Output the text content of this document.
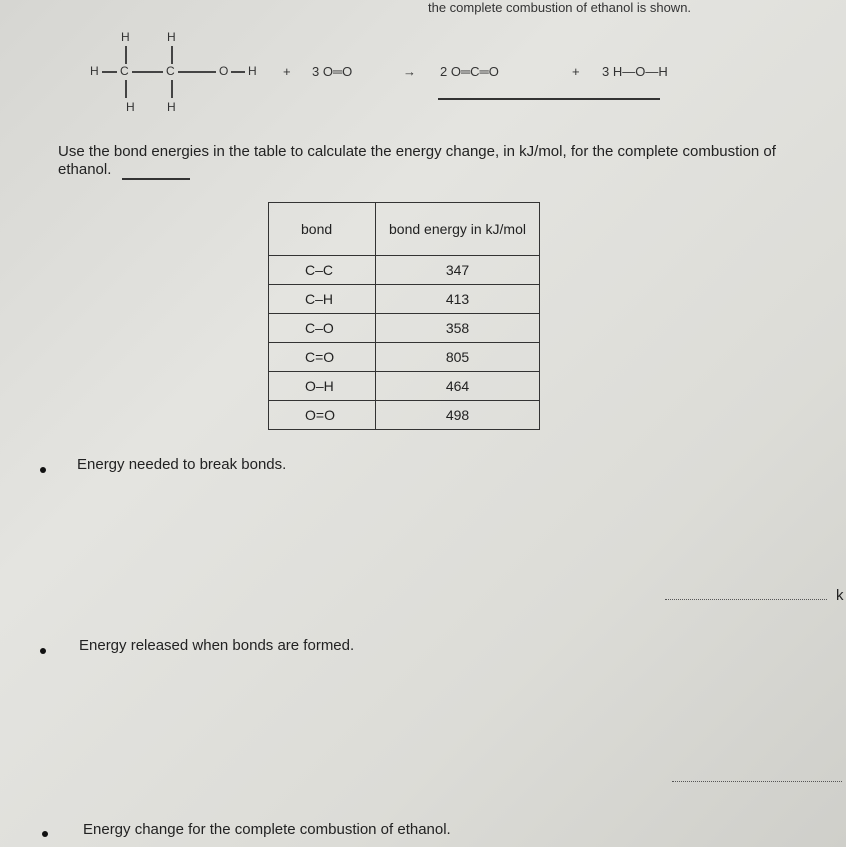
the complete combustion of ethanol is shown.
H	H
H C	C	O H
H	H
+ 3 O═O	→ 2 O═C═O	+ 3 H—O—H
Use the bond energies in the table to calculate the energy change, in kJ/mol, for the complete combustion of ethanol.
bond	bond energy in kJ/mol
C–C	347
C–H	413
C–O	358
C=O	805
O–H	464
O=O	498
Energy needed to break bonds.
k
Energy released when bonds are formed.
Energy change for the complete combustion of ethanol.
